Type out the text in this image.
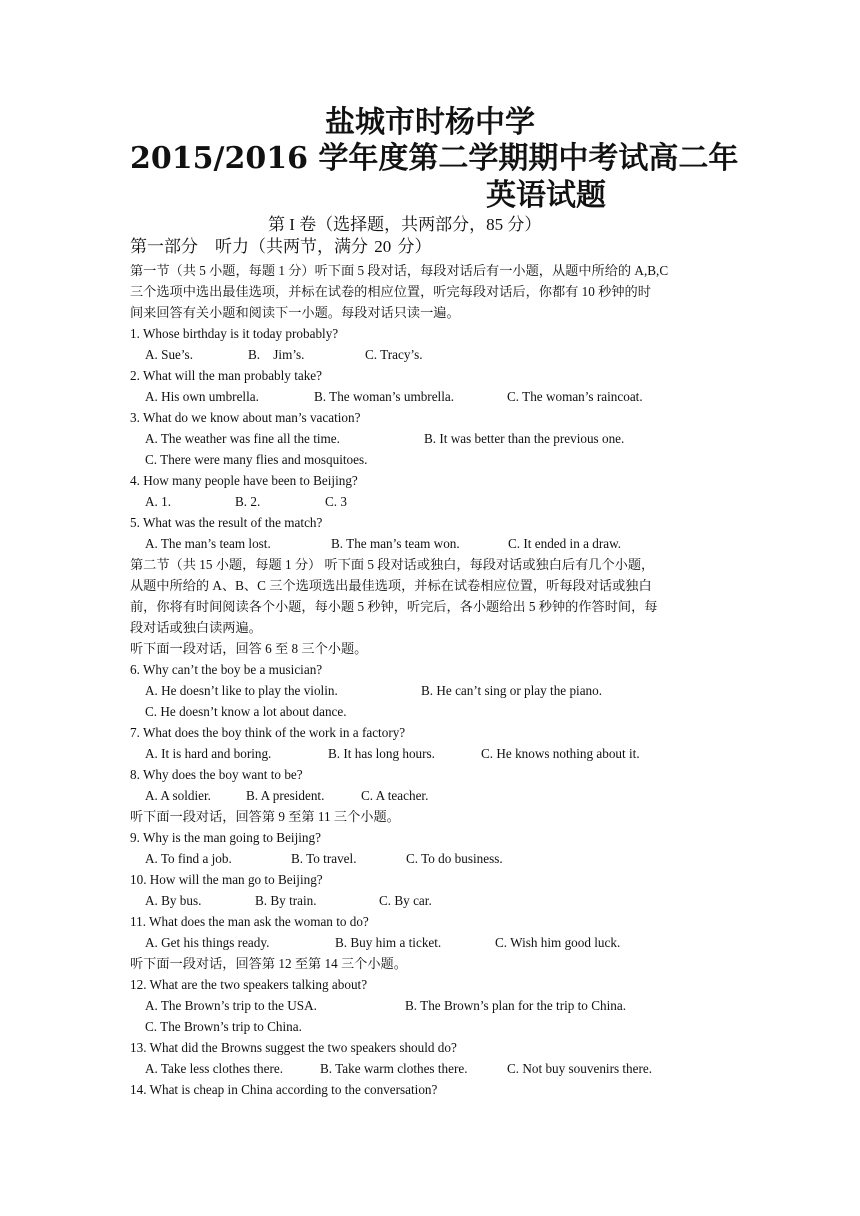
盐城市时杨中学
2015/2016 学年度第二学期期中考试高二年
英语试题
第 I 卷（选择题，共两部分，85 分）
第一部分　听力（共两节，满分 20 分）
第一节（共 5 小题，每题 1 分）听下面 5 段对话，每段对话后有一小题，从题中所给的 A,B,C
三个选项中选出最佳选项，并标在试卷的相应位置，听完每段对话后，你都有 10 秒钟的时
间来回答有关小题和阅读下一小题。每段对话只读一遍。
1. Whose birthday is it today probably?
A. Sue’s.	B.　Jim’s.	C. Tracy’s.
2. What will the man probably take?
A. His own umbrella.	B. The woman’s umbrella.	C. The woman’s raincoat.
3. What do we know about man’s vacation?
A. The weather was fine all the time.	B. It was better than the previous one.
C. There were many flies and mosquitoes.
4. How many people have been to Beijing?
A. 1.	B. 2.	C. 3
5. What was the result of the match?
A. The man’s team lost.	B. The man’s team won.	C. It ended in a draw.
第二节（共 15 小题，每题 1 分） 听下面 5 段对话或独白，每段对话或独白后有几个小题，
从题中所给的 A、B、C 三个选项选出最佳选项，并标在试卷相应位置，听每段对话或独白
前，你将有时间阅读各个小题，每小题 5 秒钟，听完后，各小题给出 5 秒钟的作答时间，每
段对话或独白读两遍。
听下面一段对话，回答 6 至 8 三个小题。
6. Why can’t the boy be a musician?
A. He doesn’t like to play the violin.	B. He can’t sing or play the piano.
C. He doesn’t know a lot about dance.
7. What does the boy think of the work in a factory?
A. It is hard and boring.	B. It has long hours.	C. He knows nothing about it.
8. Why does the boy want to be?
A. A soldier.	B. A president.	C. A teacher.
听下面一段对话，回答第 9 至第 11 三个小题。
9. Why is the man going to Beijing?
A. To find a job.	B. To travel.	C. To do business.
10. How will the man go to Beijing?
A. By bus.	B. By train.	C. By car.
11. What does the man ask the woman to do?
A. Get his things ready.	B. Buy him a ticket.	C. Wish him good luck.
听下面一段对话，回答第 12 至第 14 三个小题。
12. What are the two speakers talking about?
A. The Brown’s trip to the USA.	B. The Brown’s plan for the trip to China.
C. The Brown’s trip to China.
13. What did the Browns suggest the two speakers should do?
A. Take less clothes there.	B. Take warm clothes there.	C. Not buy souvenirs there.
14. What is cheap in China according to the conversation?
